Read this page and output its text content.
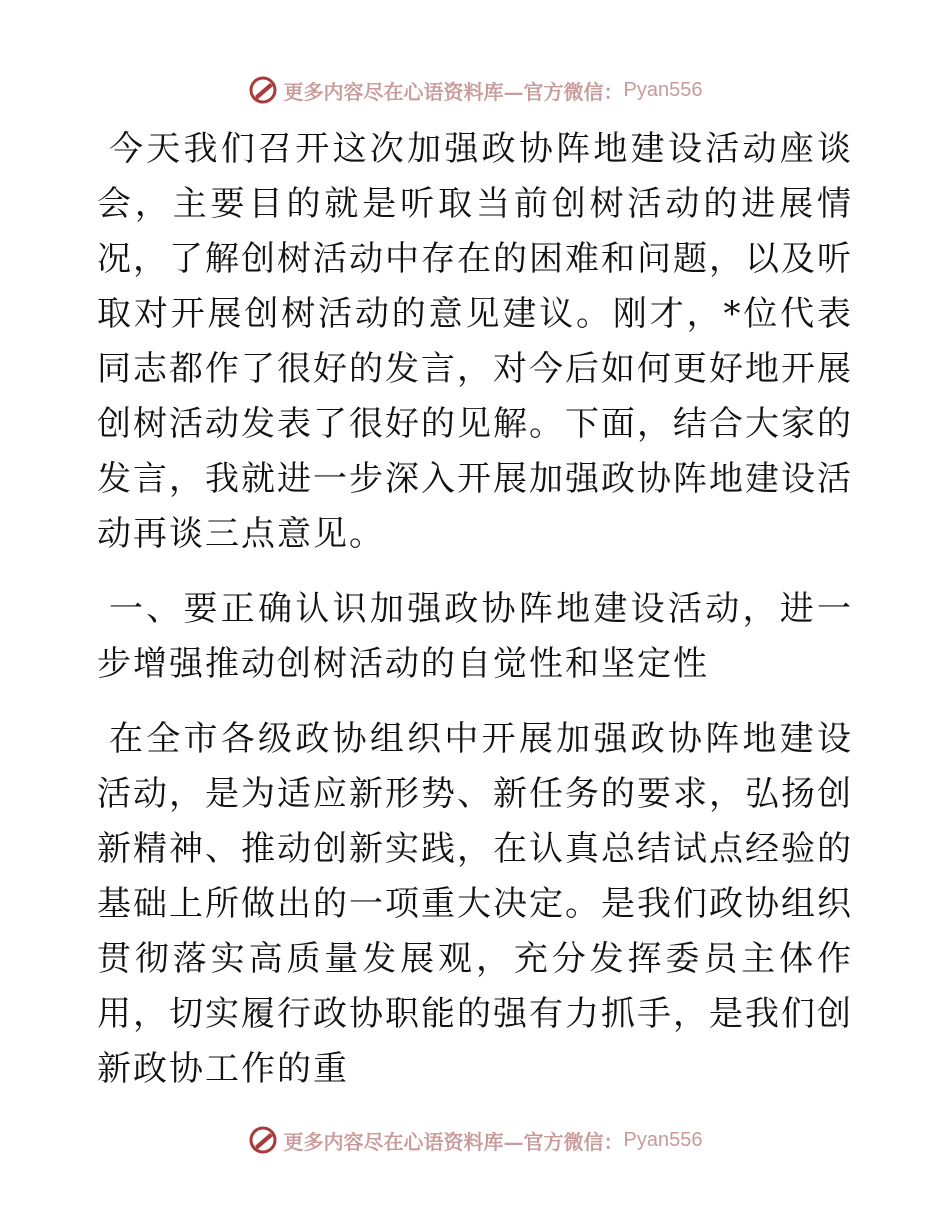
更多内容尽在心语资料库—官方微信： Pyan556

今天我们召开这次加强政协阵地建设活动座谈会，主要目的就是听取当前创树活动的进展情况，了解创树活动中存在的困难和问题，以及听取对开展创树活动的意见建议。刚才，*位代表同志都作了很好的发言，对今后如何更好地开展创树活动发表了很好的见解。下面，结合大家的发言，我就进一步深入开展加强政协阵地建设活动再谈三点意见。

一、要正确认识加强政协阵地建设活动，进一步增强推动创树活动的自觉性和坚定性

在全市各级政协组织中开展加强政协阵地建设活动，是为适应新形势、新任务的要求，弘扬创新精神、推动创新实践，在认真总结试点经验的基础上所做出的一项重大决定。是我们政协组织贯彻落实高质量发展观，充分发挥委员主体作用，切实履行政协职能的强有力抓手，是我们创新政协工作的重

更多内容尽在心语资料库—官方微信： Pyan556
